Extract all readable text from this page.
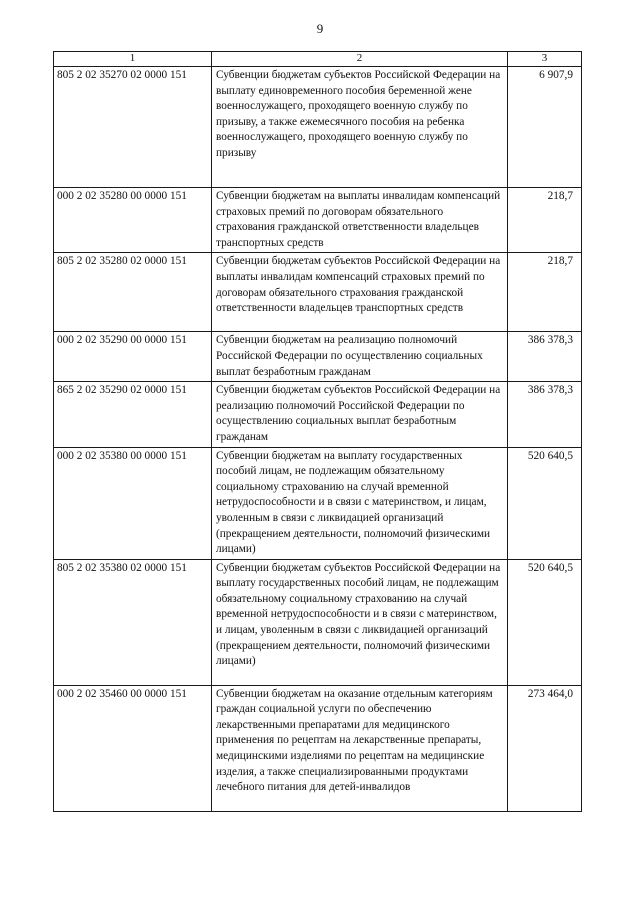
9
1	2	3
805 2 02 35270 02 0000 151	Субвенции бюджетам субъектов Российской Федерации на выплату единовременного пособия беременной жене военнослужащего, проходящего военную службу по призыву, а также ежемесячного пособия на ребенка военнослужащего, проходящего военную службу по призыву	6 907,9
000 2 02 35280 00 0000 151	Субвенции бюджетам на выплаты инвалидам компенсаций страховых премий по договорам обязательного страхования гражданской ответственности владельцев транспортных средств	218,7
805 2 02 35280 02 0000 151	Субвенции бюджетам субъектов Российской Федерации на выплаты инвалидам компенсаций страховых премий по договорам обязательного страхования гражданской ответственности владельцев транспортных средств	218,7
000 2 02 35290 00 0000 151	Субвенции бюджетам на реализацию полномочий Российской Федерации по осуществлению социальных выплат безработным гражданам	386 378,3
865 2 02 35290 02 0000 151	Субвенции бюджетам субъектов Российской Федерации на реализацию полномочий Российской Федерации по осуществлению социальных выплат безработным гражданам	386 378,3
000 2 02 35380 00 0000 151	Субвенции бюджетам на выплату государственных пособий лицам, не подлежащим обязательному социальному страхованию на случай временной нетрудоспособности и в связи с материнством, и лицам, уволенным в связи с ликвидацией организаций (прекращением деятельности, полномочий физическими лицами)	520 640,5
805 2 02 35380 02 0000 151	Субвенции бюджетам субъектов Российской Федерации на выплату государственных пособий лицам, не подлежащим обязательному социальному страхованию на случай временной нетрудоспособности и в связи с материнством, и лицам, уволенным в связи с ликвидацией организаций (прекращением деятельности, полномочий физическими лицами)	520 640,5
000 2 02 35460 00 0000 151	Субвенции бюджетам на оказание отдельным категориям граждан социальной услуги по обеспечению лекарственными препаратами для медицинского применения по рецептам на лекарственные препараты, медицинскими изделиями по рецептам на медицинские изделия, а также специализированными продуктами лечебного питания для детей-инвалидов	273 464,0
